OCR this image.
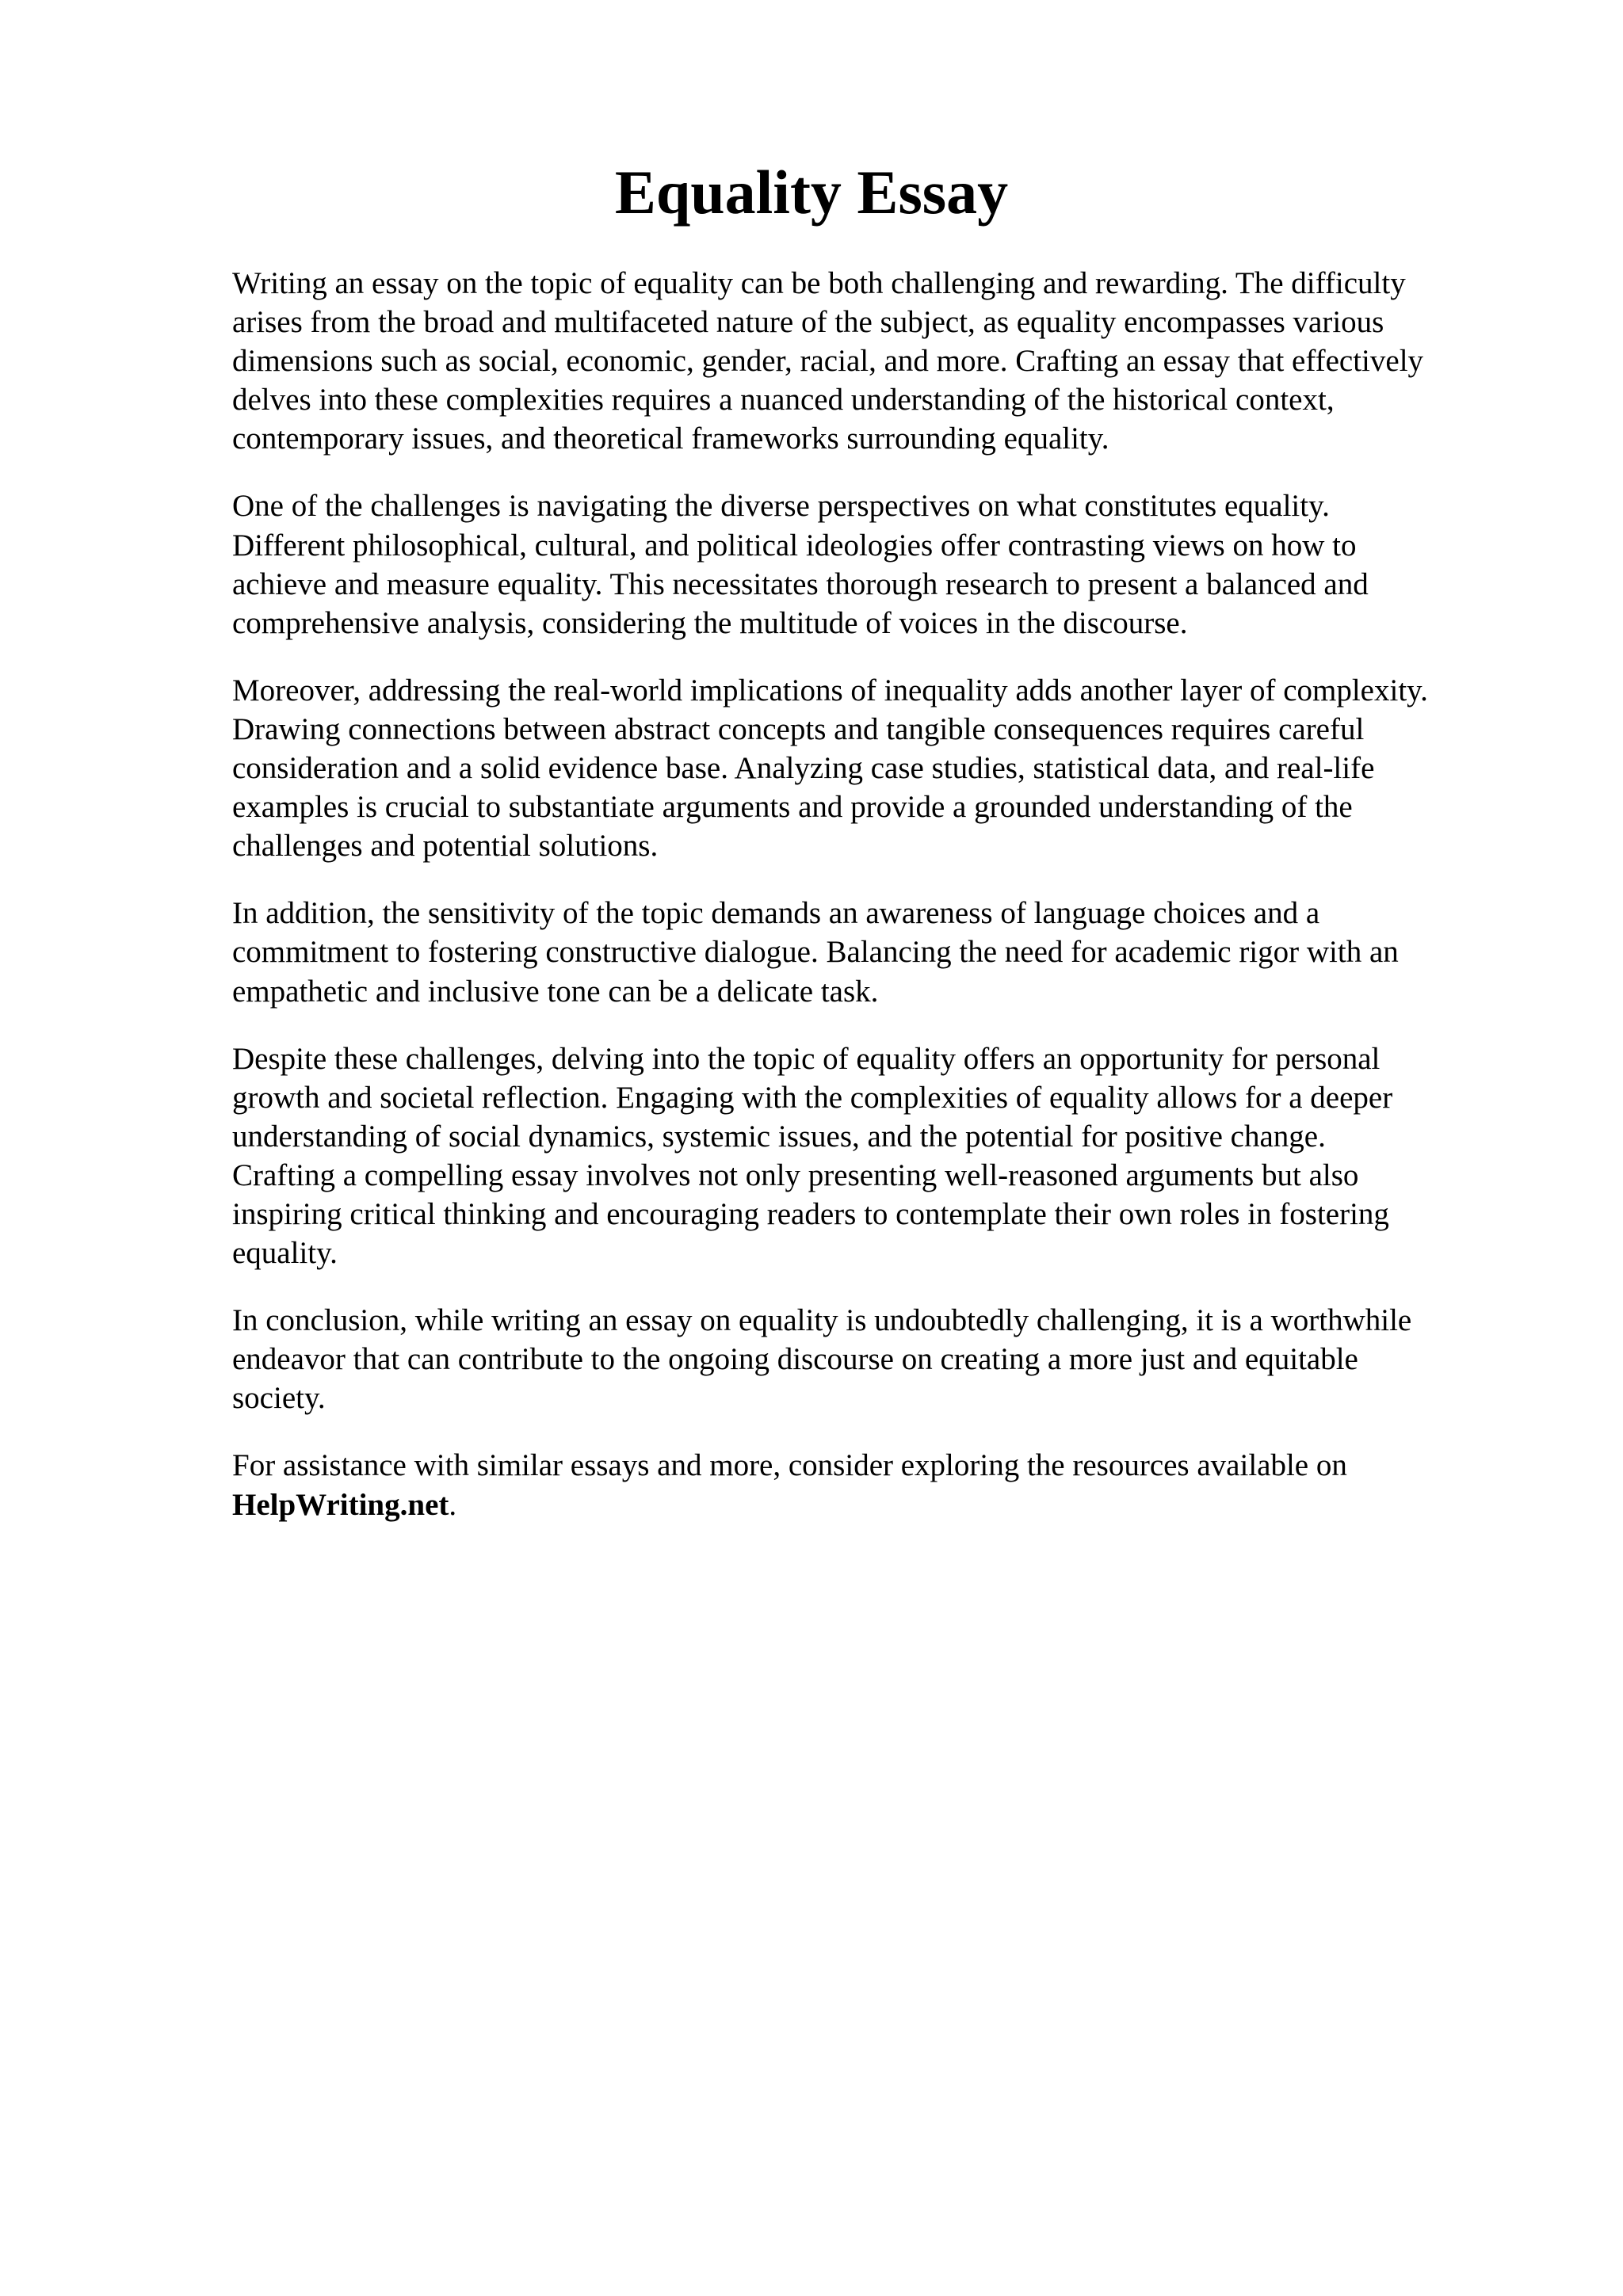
Equality Essay

Writing an essay on the topic of equality can be both challenging and rewarding. The difficulty
arises from the broad and multifaceted nature of the subject, as equality encompasses various
dimensions such as social, economic, gender, racial, and more. Crafting an essay that effectively
delves into these complexities requires a nuanced understanding of the historical context,
contemporary issues, and theoretical frameworks surrounding equality.

One of the challenges is navigating the diverse perspectives on what constitutes equality.
Different philosophical, cultural, and political ideologies offer contrasting views on how to
achieve and measure equality. This necessitates thorough research to present a balanced and
comprehensive analysis, considering the multitude of voices in the discourse.

Moreover, addressing the real-world implications of inequality adds another layer of complexity.
Drawing connections between abstract concepts and tangible consequences requires careful
consideration and a solid evidence base. Analyzing case studies, statistical data, and real-life
examples is crucial to substantiate arguments and provide a grounded understanding of the
challenges and potential solutions.

In addition, the sensitivity of the topic demands an awareness of language choices and a
commitment to fostering constructive dialogue. Balancing the need for academic rigor with an
empathetic and inclusive tone can be a delicate task.

Despite these challenges, delving into the topic of equality offers an opportunity for personal
growth and societal reflection. Engaging with the complexities of equality allows for a deeper
understanding of social dynamics, systemic issues, and the potential for positive change.
Crafting a compelling essay involves not only presenting well-reasoned arguments but also
inspiring critical thinking and encouraging readers to contemplate their own roles in fostering
equality.

In conclusion, while writing an essay on equality is undoubtedly challenging, it is a worthwhile
endeavor that can contribute to the ongoing discourse on creating a more just and equitable
society.

For assistance with similar essays and more, consider exploring the resources available on
HelpWriting.net.
